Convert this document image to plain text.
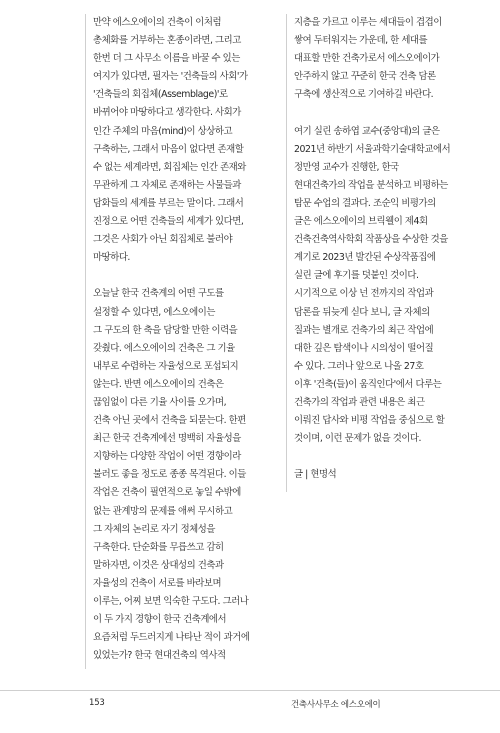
만약 에스오에이의 건축이 이처럼

총체화를 거부하는 혼종이라면, 그리고

한번 더 그 사무소 이름을 바꿀 수 있는

여지가 있다면, 필자는 '건축들의 사회'가

'건축들의 회집체(Assemblage)'로

바뀌어야 마땅하다고 생각한다. 사회가

인간 주체의 마음(mind)이 상상하고

구축하는, 그래서 마음이 없다면 존재할

수 없는 세계라면, 회집체는 인간 존재와

무관하게 그 자체로 존재하는 사물들과

담화들의 세계를 부르는 말이다. 그래서

진정으로 어떤 건축들의 세계가 있다면,

그것은 사회가 아닌 회집체로 불러야

마땅하다.

오늘날 한국 건축계의 어떤 구도를

설정할 수 있다면, 에스오에이는

그 구도의 한 축을 담당할 만한 이력을

갖췄다. 에스오에이의 건축은 그 기율

내부로 수렴하는 자율성으로 포섭되지

않는다. 반면 에스오에이의 건축은

끊임없이 다른 기율 사이를 오가며,

건축 아닌 곳에서 건축을 되묻는다. 한편

최근 한국 건축계에선 명백히 자율성을

지향하는 다양한 작업이 어떤 경향이라

불러도 좋을 정도로 종종 목격된다. 이들

작업은 건축이 필연적으로 놓일 수밖에

없는 관계망의 문제를 애써 무시하고

그 자체의 논리로 자기 정체성을

구축한다. 단순화를 무릅쓰고 감히

말하자면, 이것은 상대성의 건축과

자율성의 건축이 서로를 바라보며

이루는, 어찌 보면 익숙한 구도다. 그러나

이 두 가지 경향이 한국 건축계에서

요즘처럼 두드러지게 나타난 적이 과거에

있었는가? 한국 현대건축의 역사적

지층을 가르고 이루는 세대들이 겹겹이

쌓여 두터워지는 가운데, 한 세대를

대표할 만한 건축가로서 에스오에이가

안주하지 않고 꾸준히 한국 건축 담론

구축에 생산적으로 기여하길 바란다.

여기 실린 송하엽 교수(중앙대)의 글은

2021년 하반기 서울과학기술대학교에서

정만영 교수가 진행한, 한국

현대건축가의 작업을 분석하고 비평하는

탐문 수업의 결과다. 조순익 비평가의

글은 에스오에이의 브릭웰이 제4회

건축건축역사학회 작품상을 수상한 것을

계기로 2023년 발간된 수상작품집에

실린 글에 후기를 덧붙인 것이다.

시기적으로 이상 넌 전까지의 작업과

담론을 뒤늦게 싣다 보니, 글 자체의

질과는 별개로 건축가의 최근 작업에

대한 깊은 탐색이나 시의성이 떨어질

수 있다. 그러나 앞으로 나올 27호

이후 '건축(들)이 움직인다'에서 다루는

건축가의 작업과 관련 내용은 최근

이뤄진 답사와 비평 작업을 중심으로 할

것이며, 이런 문제가 없을 것이다.

글 | 현명석

153	건축사사무소 에스오에이
